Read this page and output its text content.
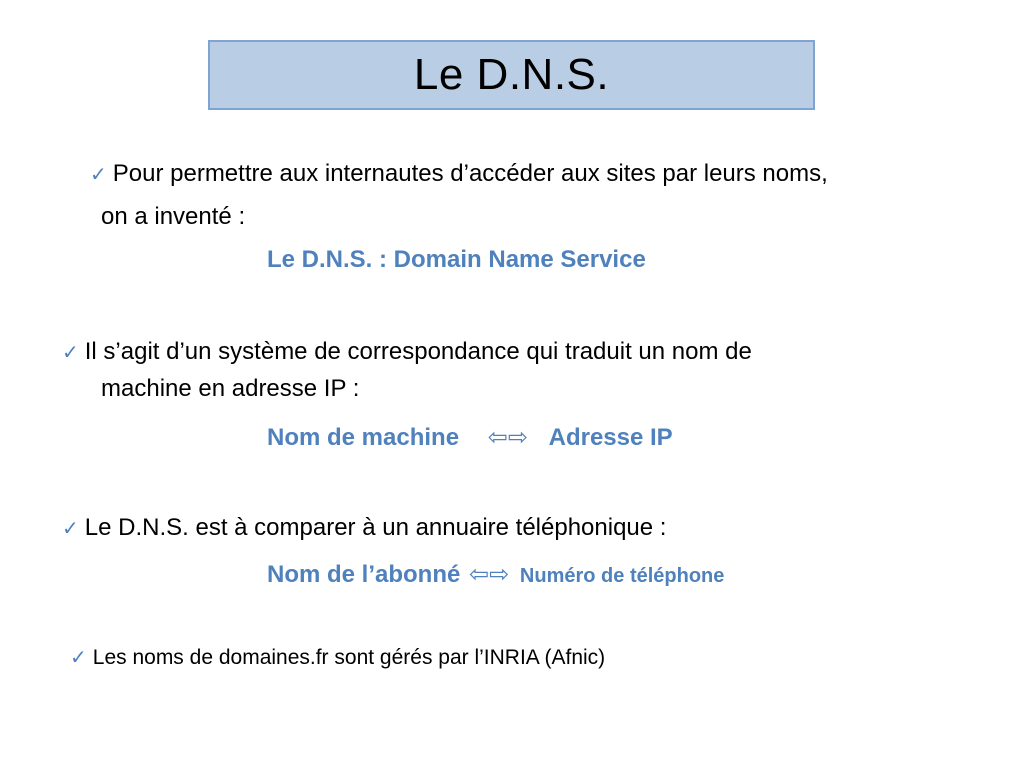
Le D.N.S.
✓ Pour permettre aux internautes d’accéder aux sites par leurs noms,
on a inventé :
Le D.N.S. : Domain Name Service
✓ Il s’agit d’un système de correspondance qui traduit un nom de
machine en adresse IP :
Nom de machine ⇦⇨ Adresse IP
✓ Le D.N.S. est à comparer à un annuaire téléphonique :
Nom de l’abonné ⇦⇨ Numéro de téléphone
✓ Les noms de domaines.fr sont gérés par l’INRIA (Afnic)
